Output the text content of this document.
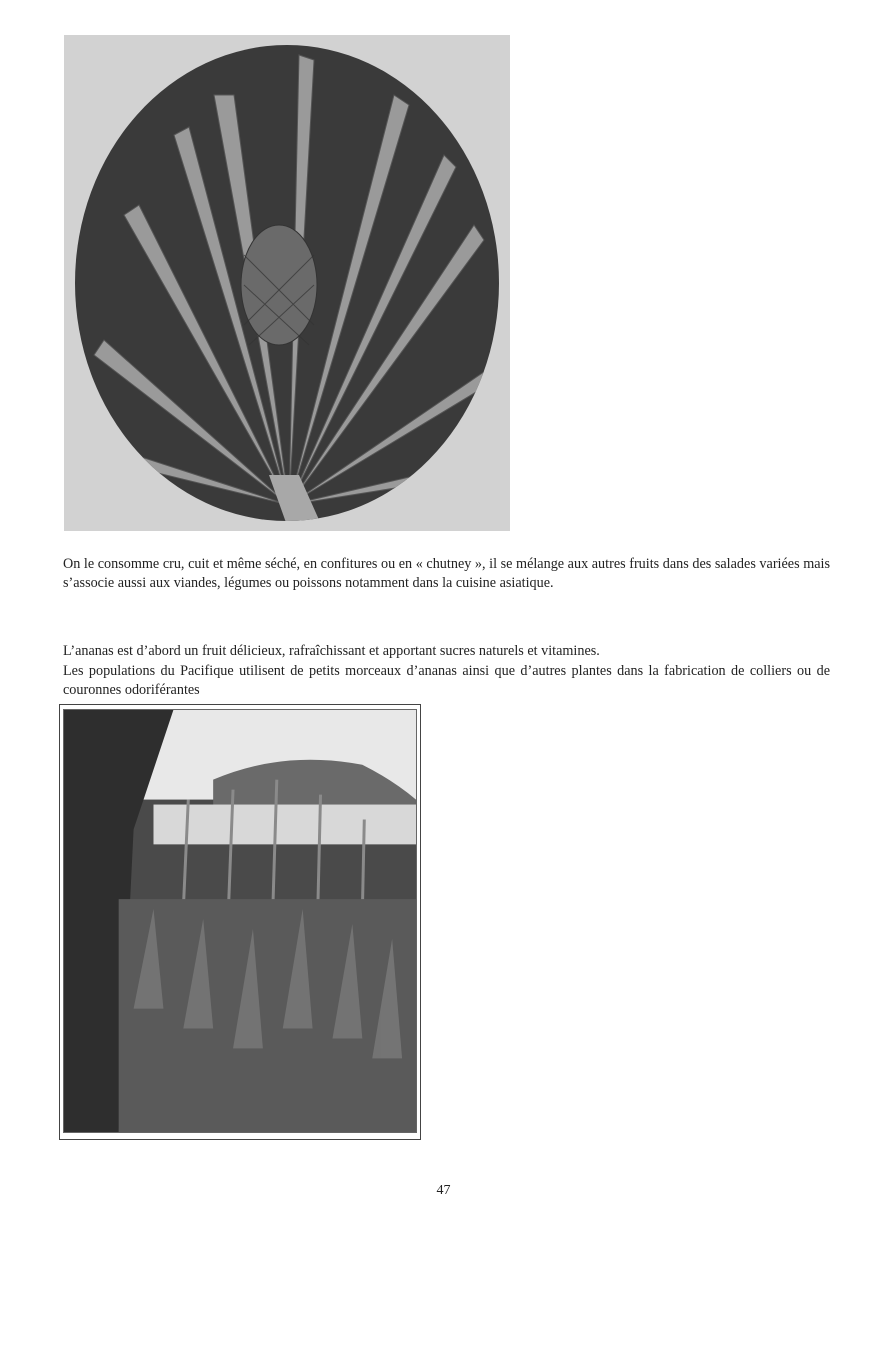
On le consomme cru, cuit et même séché, en confitures ou en « chutney », il se mélange aux autres fruits dans des salades variées mais s’associe aussi aux viandes, légumes ou poissons notamment dans la cuisine asiatique.

L’ananas est d’abord un fruit délicieux, rafraîchissant et apportant sucres naturels et vitamines.

Les populations du Pacifique utilisent de petits morceaux d’ananas ainsi que d’autres plantes dans la fabrication de colliers ou de couronnes odoriférantes

47
